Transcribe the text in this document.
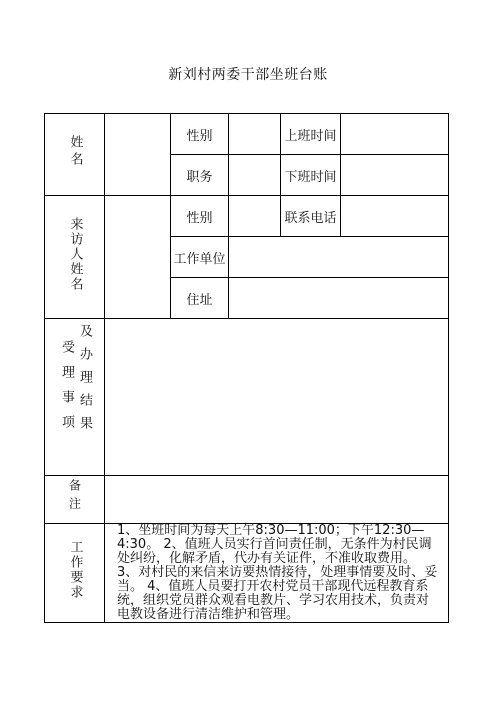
新刘村两委干部坐班台账
姓名		性别		上班时间	
		职务		下班时间	
来访人姓名		性别		联系电话	
		工作单位			
		住址			

受理事项 及办理结果					

备注					
工作要求	1、坐班时间为每天上午8:30—11:00；下午12:30—4:30。 2、值班人员实行首问责任制，无条件为村民调处纠纷，化解矛盾，代办有关证件，不准收取费用。 3、对村民的来信来访要热情接待，处理事情要及时、妥当。 4、值班人员要打开农村党员干部现代远程教育系统，组织党员群众观看电教片、学习农用技术，负责对电教设备进行清洁维护和管理。				
